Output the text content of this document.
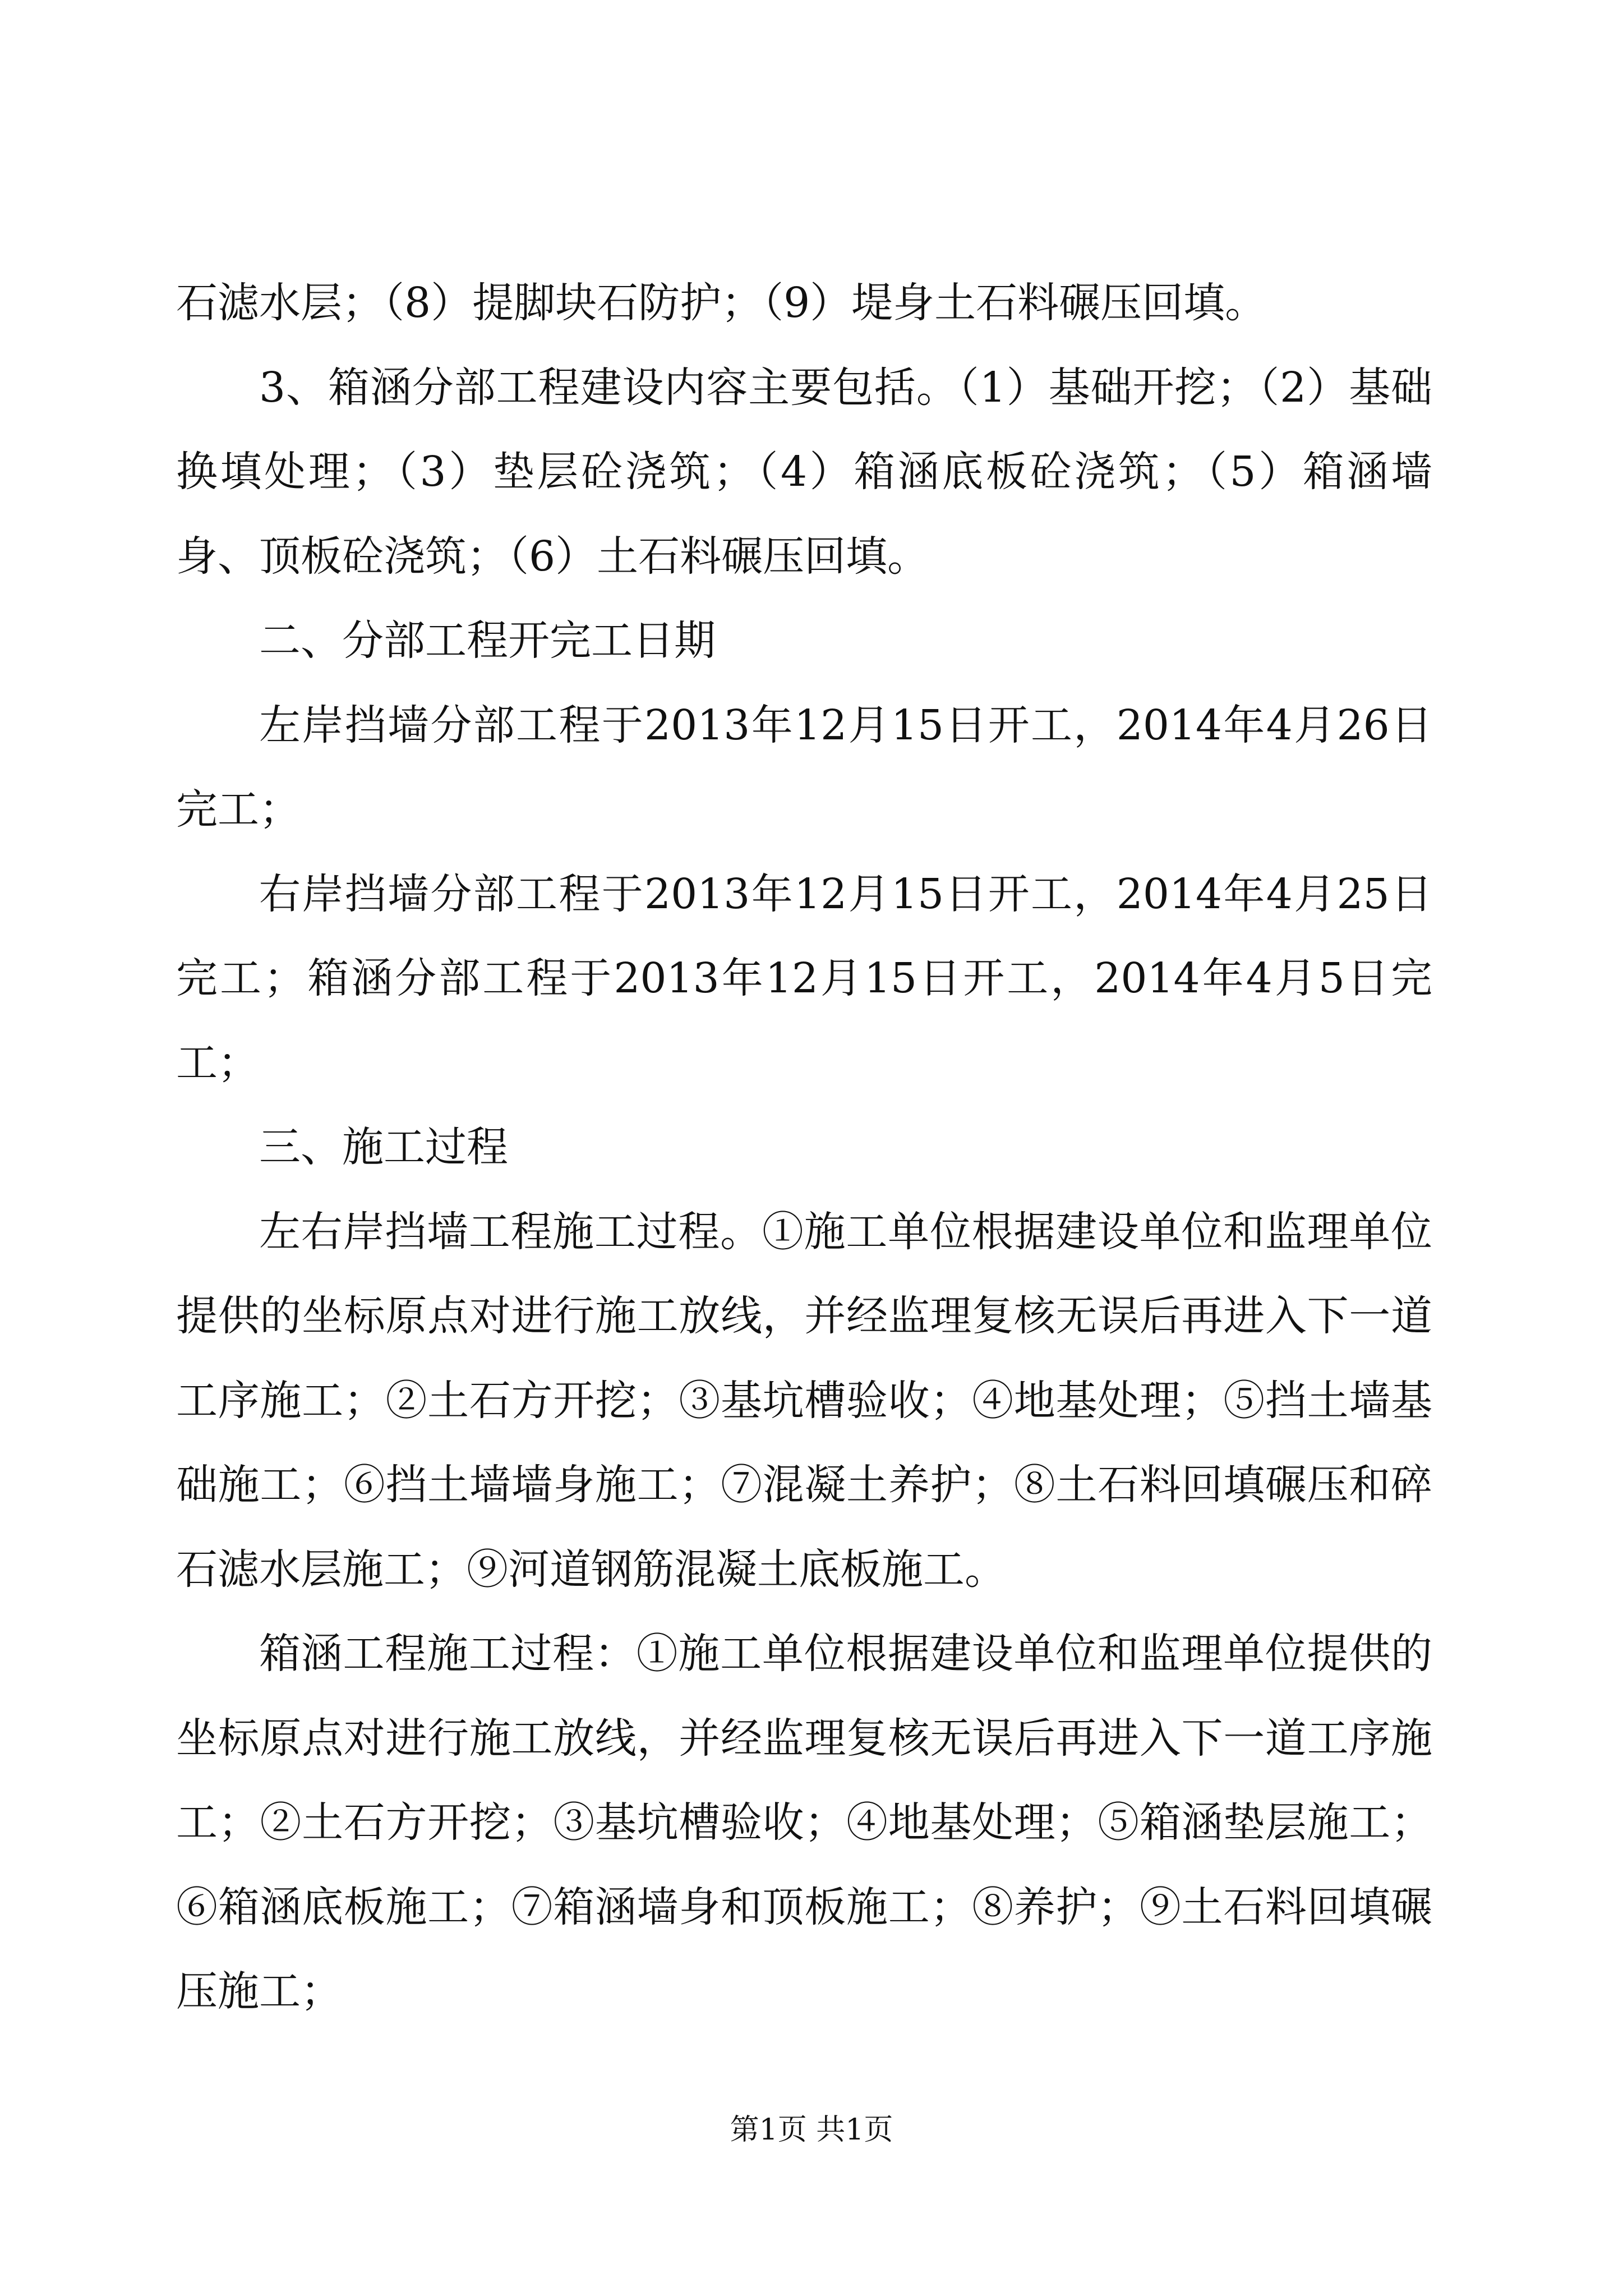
石滤水层；（8）提脚块石防护；（9）堤身土石料碾压回填。

3、箱涵分部工程建设内容主要包括。（1）基础开挖；（2）基础换填处理；（3）垫层砼浇筑；（4）箱涵底板砼浇筑；（5）箱涵墙身、顶板砼浇筑；（6）土石料碾压回填。

二、分部工程开完工日期

左岸挡墙分部工程于2013年12月15日开工，2014年4月26日完工；

右岸挡墙分部工程于2013年12月15日开工，2014年4月25日完工；箱涵分部工程于2013年12月15日开工，2014年4月5日完工；

三、施工过程

左右岸挡墙工程施工过程。①施工单位根据建设单位和监理单位提供的坐标原点对进行施工放线，并经监理复核无误后再进入下一道工序施工；②土石方开挖；③基坑槽验收；④地基处理；⑤挡土墙基础施工；⑥挡土墙墙身施工；⑦混凝土养护；⑧土石料回填碾压和碎石滤水层施工；⑨河道钢筋混凝土底板施工。

箱涵工程施工过程：①施工单位根据建设单位和监理单位提供的坐标原点对进行施工放线，并经监理复核无误后再进入下一道工序施工；②土石方开挖；③基坑槽验收；④地基处理；⑤箱涵垫层施工；⑥箱涵底板施工；⑦箱涵墙身和顶板施工；⑧养护；⑨土石料回填碾压施工；

第1页 共1页
